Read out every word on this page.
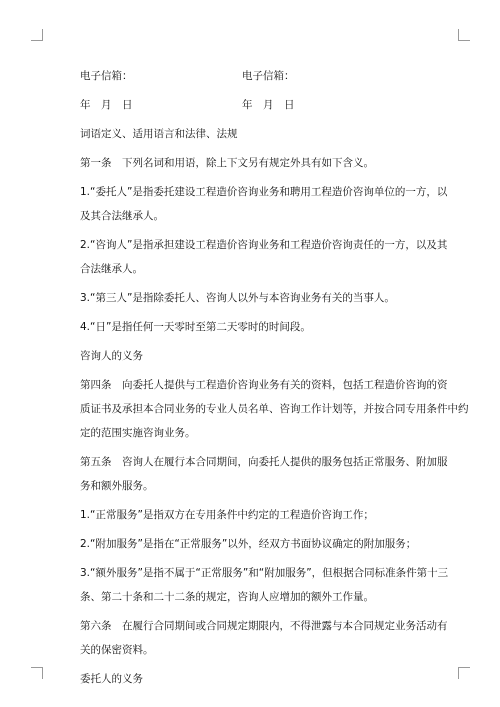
电子信箱：	电子信箱：
年　月　日	年　月　日
词语定义、适用语言和法律、法规
第一条　下列名词和用语，除上下文另有规定外具有如下含义。
1.“委托人”是指委托建设工程造价咨询业务和聘用工程造价咨询单位的一方，以
及其合法继承人。
2.“咨询人”是指承担建设工程造价咨询业务和工程造价咨询责任的一方，以及其
合法继承人。
3.“第三人”是指除委托人、咨询人以外与本咨询业务有关的当事人。
4.“日”是指任何一天零时至第二天零时的时间段。
咨询人的义务
第四条　向委托人提供与工程造价咨询业务有关的资料，包括工程造价咨询的资
质证书及承担本合同业务的专业人员名单、咨询工作计划等，并按合同专用条件中约
定的范围实施咨询业务。
第五条　咨询人在履行本合同期间，向委托人提供的服务包括正常服务、附加服
务和额外服务。
1.“正常服务”是指双方在专用条件中约定的工程造价咨询工作；
2.“附加服务”是指在“正常服务”以外，经双方书面协议确定的附加服务；
3.“额外服务”是指不属于“正常服务”和“附加服务”，但根据合同标准条件第十三
条、第二十条和二十二条的规定，咨询人应增加的额外工作量。
第六条　在履行合同期间或合同规定期限内，不得泄露与本合同规定业务活动有
关的保密资料。
委托人的义务
